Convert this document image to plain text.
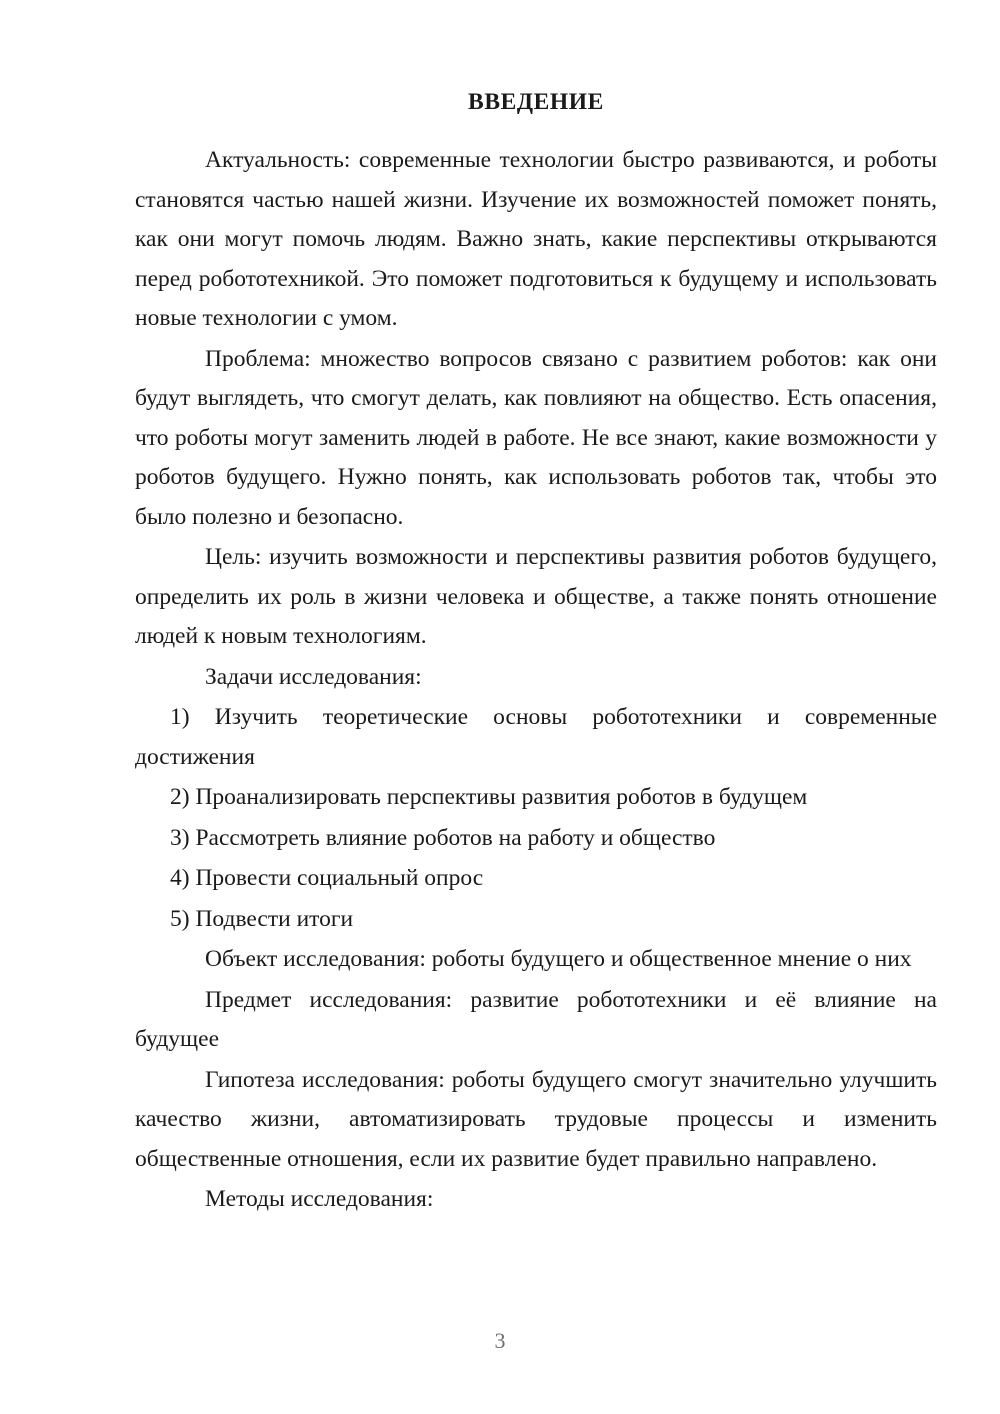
ВВЕДЕНИЕ

Актуальность: современные технологии быстро развиваются, и роботы становятся частью нашей жизни. Изучение их возможностей поможет понять, как они могут помочь людям. Важно знать, какие перспективы открываются перед робототехникой. Это поможет подготовиться к будущему и использовать новые технологии с умом.

Проблема: множество вопросов связано с развитием роботов: как они будут выглядеть, что смогут делать, как повлияют на общество. Есть опасения, что роботы могут заменить людей в работе. Не все знают, какие возможности у роботов будущего. Нужно понять, как использовать роботов так, чтобы это было полезно и безопасно.

Цель: изучить возможности и перспективы развития роботов будущего, определить их роль в жизни человека и обществе, а также понять отношение людей к новым технологиям.

Задачи исследования:

1) Изучить теоретические основы робототехники и современные достижения

2) Проанализировать перспективы развития роботов в будущем

3) Рассмотреть влияние роботов на работу и общество

4) Провести социальный опрос

5) Подвести итоги

Объект исследования: роботы будущего и общественное мнение о них

Предмет исследования: развитие робототехники и её влияние на будущее

Гипотеза исследования: роботы будущего смогут значительно улучшить качество жизни, автоматизировать трудовые процессы и изменить общественные отношения, если их развитие будет правильно направлено.

Методы исследования:

3
